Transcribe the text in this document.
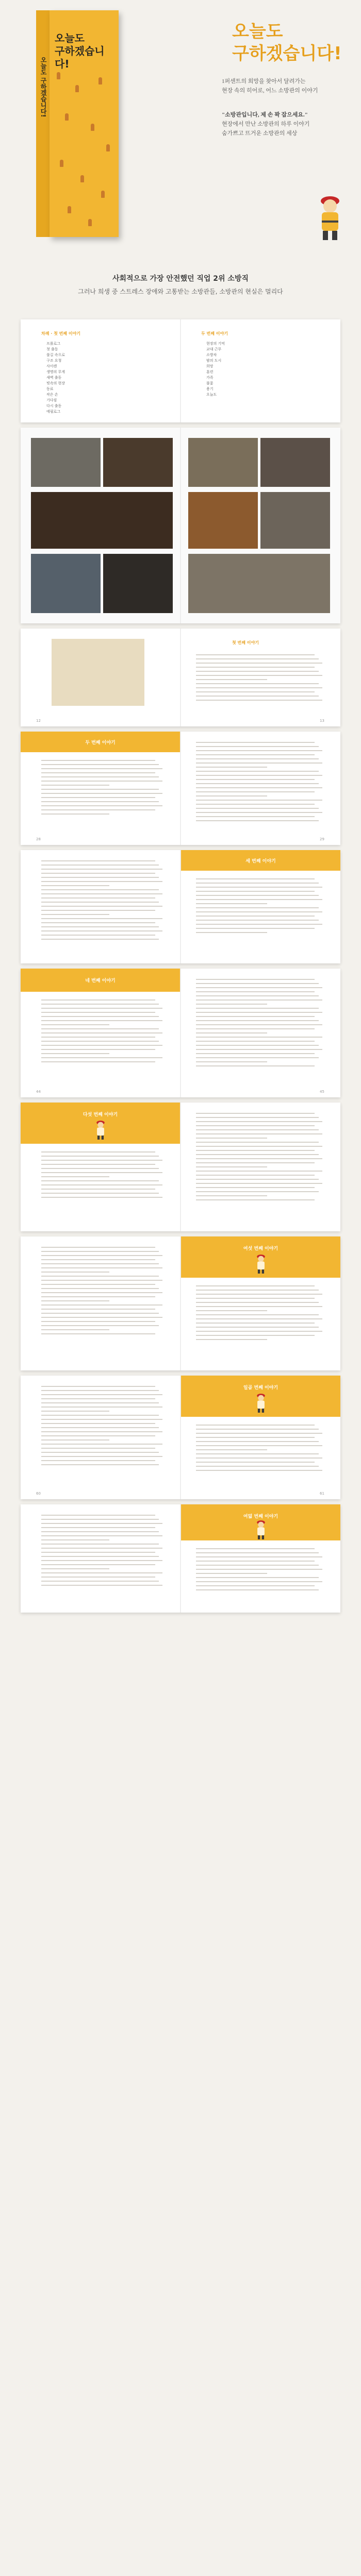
오늘도 구하겠습니다!
오늘도
구하겠습니다!
오늘도
구하겠습니다!
1퍼센트의 희망을 찾아서 달려가는
현장 속의 히어로, 어느 소방관의 이야기
"소방관입니다, 제 손 꽉 잡으세요."
현장에서 만난 소방관의 하루 이야기
숨가쁘고 뜨거운 소방관의 세상
사회적으로 가장 안전했던 직업 2위 소방직
그러나 희생 중 스트레스 장애와 고통받는 소방관들, 소방관의 현실은 멀리다
차례 · 첫 번째 이야기	두 번째 이야기
프롤로그
첫 출동
불길 속으로
구조 요청
사이렌
생명의 무게
새벽 출동
빗속의 현장
동료
작은 손
기다림
다시 출동
에필로그
현장의 기억
교대 근무
소방차
밤의 도시
희망
훈련
가족
불꽃
용기
오늘도
첫 번째 이야기
12	13
두 번째 이야기
28	29
세 번째 이야기
네 번째 이야기
44	45
다섯 번째 이야기
여섯 번째 이야기
일곱 번째 이야기
60	61
여덟 번째 이야기
